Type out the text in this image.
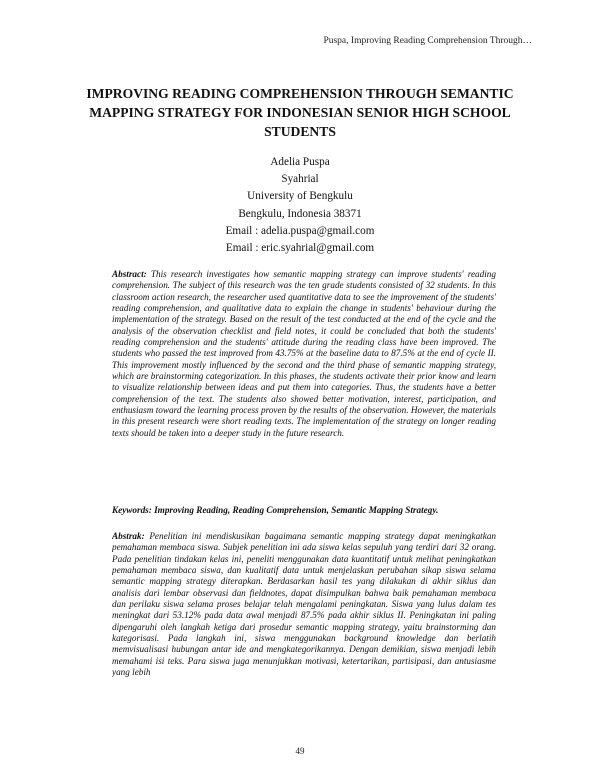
Puspa, Improving Reading Comprehension Through…
IMPROVING READING COMPREHENSION THROUGH SEMANTIC MAPPING STRATEGY FOR INDONESIAN SENIOR HIGH SCHOOL STUDENTS
Adelia Puspa
Syahrial
University of Bengkulu
Bengkulu, Indonesia 38371
Email : adelia.puspa@gmail.com
Email : eric.syahrial@gmail.com

Abstract: This research investigates how semantic mapping strategy can improve students' reading comprehension. The subject of this research was the ten grade students consisted of 32 students. In this classroom action research, the researcher used quantitative data to see the improvement of the students' reading comprehension, and qualitative data to explain the change in students' behaviour during the implementation of the strategy. Based on the result of the test conducted at the end of the cycle and the analysis of the observation checklist and field notes, it could be concluded that both the students' reading comprehension and the students' attitude during the reading class have been improved. The students who passed the test improved from 43.75% at the baseline data to 87.5% at the end of cycle II. This improvement mostly influenced by the second and the third phase of semantic mapping strategy, which are brainstorming categorization. In this phases, the students activate their prior know and learn to visualize relationship between ideas and put them into categories. Thus, the students have a better comprehension of the text. The students also showed better motivation, interest, participation, and enthusiasm toward the learning process proven by the results of the observation. However, the materials in this present research were short reading texts. The implementation of the strategy on longer reading texts should be taken into a deeper study in the future research.

Keywords: Improving Reading, Reading Comprehension, Semantic Mapping Strategy.

Abstrak: Penelitian ini mendiskusikan bagaimana semantic mapping strategy dapat meningkatkan pemahaman membaca siswa. Subjek penelitian ini ada siswa kelas sepuluh yang terdiri dari 32 orang. Pada penelitian tindakan kelas ini, peneliti menggunakan data kuantitatif untuk melihat peningkatkan pemahaman membaca siswa, dan kualitatif data untuk menjelaskan perubahan sikap siswa selama semantic mapping strategy diterapkan. Berdasarkan hasil tes yang dilakukan di akhir siklus dan analisis dari lembar observasi dan fieldnotes, dapat disimpulkan bahwa baik pemahaman membaca dan perilaku siswa selama proses belajar telah mengalami peningkatan. Siswa yang lulus dalam tes meningkat dari 53.12% pada data awal menjadi 87.5% pada akhir siklus II. Peningkatan ini paling dipengaruhi oleh langkah ketiga dari prosedur semantic mapping strategy, yaitu brainstorming dan kategorisasi. Pada langkah ini, siswa menggunakan background knowledge dan berlatih memvisualisasi hubungan antar ide and mengkategorikannya. Dengan demikian, siswa menjadi lebih memahami isi teks. Para siswa juga menunjukkan motivasi, ketertarikan, partisipasi, dan antusiasme yang lebih

49
